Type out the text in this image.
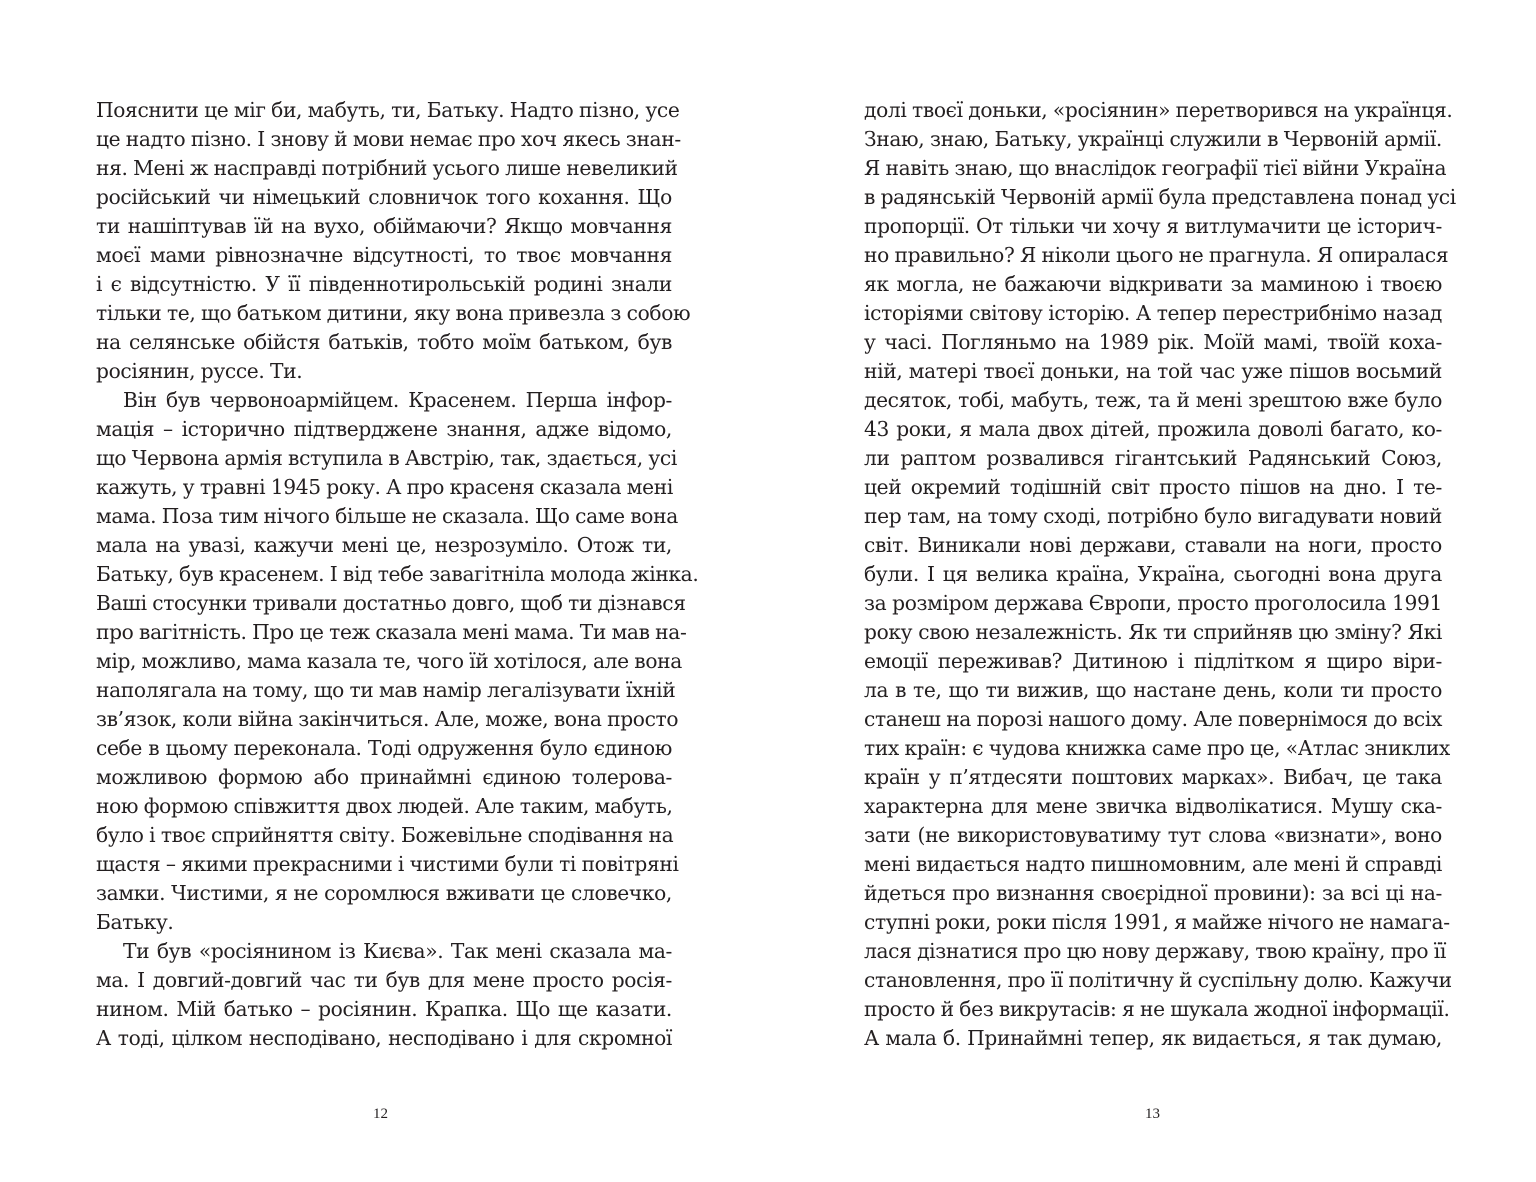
Пояснити це міг би, мабуть, ти, Батьку. Надто пізно, усе
це надто пізно. І знову й мови немає про хоч якесь знан-
ня. Мені ж насправді потрібний усього лише невеликий
російський чи німецький словничок того кохання. Що
ти нашіптував їй на вухо, обіймаючи? Якщо мовчання
моєї мами рівнозначне відсутності, то твоє мовчання
і є відсутністю. У її південнотирольській родині знали
тільки те, що батьком дитини, яку вона привезла з собою
на селянське обійстя батьків, тобто моїм батьком, був
росіянин, руссе. Ти.
Він був червоноармійцем. Красенем. Перша інфор-
мація – історично підтверджене знання, адже відомо,
що Червона армія вступила в Австрію, так, здається, усі
кажуть, у травні 1945 року. А про красеня сказала мені
мама. Поза тим нічого більше не сказала. Що саме вона
мала на увазі, кажучи мені це, незрозуміло. Отож ти,
Батьку, був красенем. І від тебе завагітніла молода жінка.
Ваші стосунки тривали достатньо довго, щоб ти дізнався
про вагітність. Про це теж сказала мені мама. Ти мав на-
мір, можливо, мама казала те, чого їй хотілося, але вона
наполягала на тому, що ти мав намір легалізувати їхній
зв’язок, коли війна закінчиться. Але, може, вона просто
себе в цьому переконала. Тоді одруження було єдиною
можливою формою або принаймні єдиною толерова-
ною формою співжиття двох людей. Але таким, мабуть,
було і твоє сприйняття світу. Божевільне сподівання на
щастя – якими прекрасними і чистими були ті повітряні
замки. Чистими, я не соромлюся вживати це словечко,
Батьку.
Ти був «росіянином із Києва». Так мені сказала ма-
ма. І довгий-довгий час ти був для мене просто росія-
нином. Мій батько – росіянин. Крапка. Що ще казати.
А тоді, цілком несподівано, несподівано і для скромної
12
долі твоєї доньки, «росіянин» перетворився на українця.
Знаю, знаю, Батьку, українці служили в Червоній армії.
Я навіть знаю, що внаслідок географії тієї війни Україна
в радянській Червоній армії була представлена понад усі
пропорції. От тільки чи хочу я витлумачити це історич-
но правильно? Я ніколи цього не прагнула. Я опиралася
як могла, не бажаючи відкривати за маминою і твоєю
історіями світову історію. А тепер перестрибнімо назад
у часі. Погляньмо на 1989 рік. Моїй мамі, твоїй коха-
ній, матері твоєї доньки, на той час уже пішов восьмий
десяток, тобі, мабуть, теж, та й мені зрештою вже було
43 роки, я мала двох дітей, прожила доволі багато, ко-
ли раптом розвалився гігантський Радянський Союз,
цей окремий тодішній світ просто пішов на дно. І те-
пер там, на тому сході, потрібно було вигадувати новий
світ. Виникали нові держави, ставали на ноги, просто
були. І ця велика країна, Україна, сьогодні вона друга
за розміром держава Європи, просто проголосила 1991
року свою незалежність. Як ти сприйняв цю зміну? Які
емоції переживав? Дитиною і підлітком я щиро віри-
ла в те, що ти вижив, що настане день, коли ти просто
станеш на порозі нашого дому. Але повернімося до всіх
тих країн: є чудова книжка саме про це, «Атлас зниклих
країн у п’ятдесяти поштових марках». Вибач, це така
характерна для мене звичка відволікатися. Мушу ска-
зати (не використовуватиму тут слова «визнати», воно
мені видається надто пишномовним, але мені й справді
йдеться про визнання своєрідної провини): за всі ці на-
ступні роки, роки після 1991, я майже нічого не намага-
лася дізнатися про цю нову державу, твою країну, про її
становлення, про її політичну й суспільну долю. Кажучи
просто й без викрутасів: я не шукала жодної інформації.
А мала б. Принаймні тепер, як видається, я так думаю,
13
